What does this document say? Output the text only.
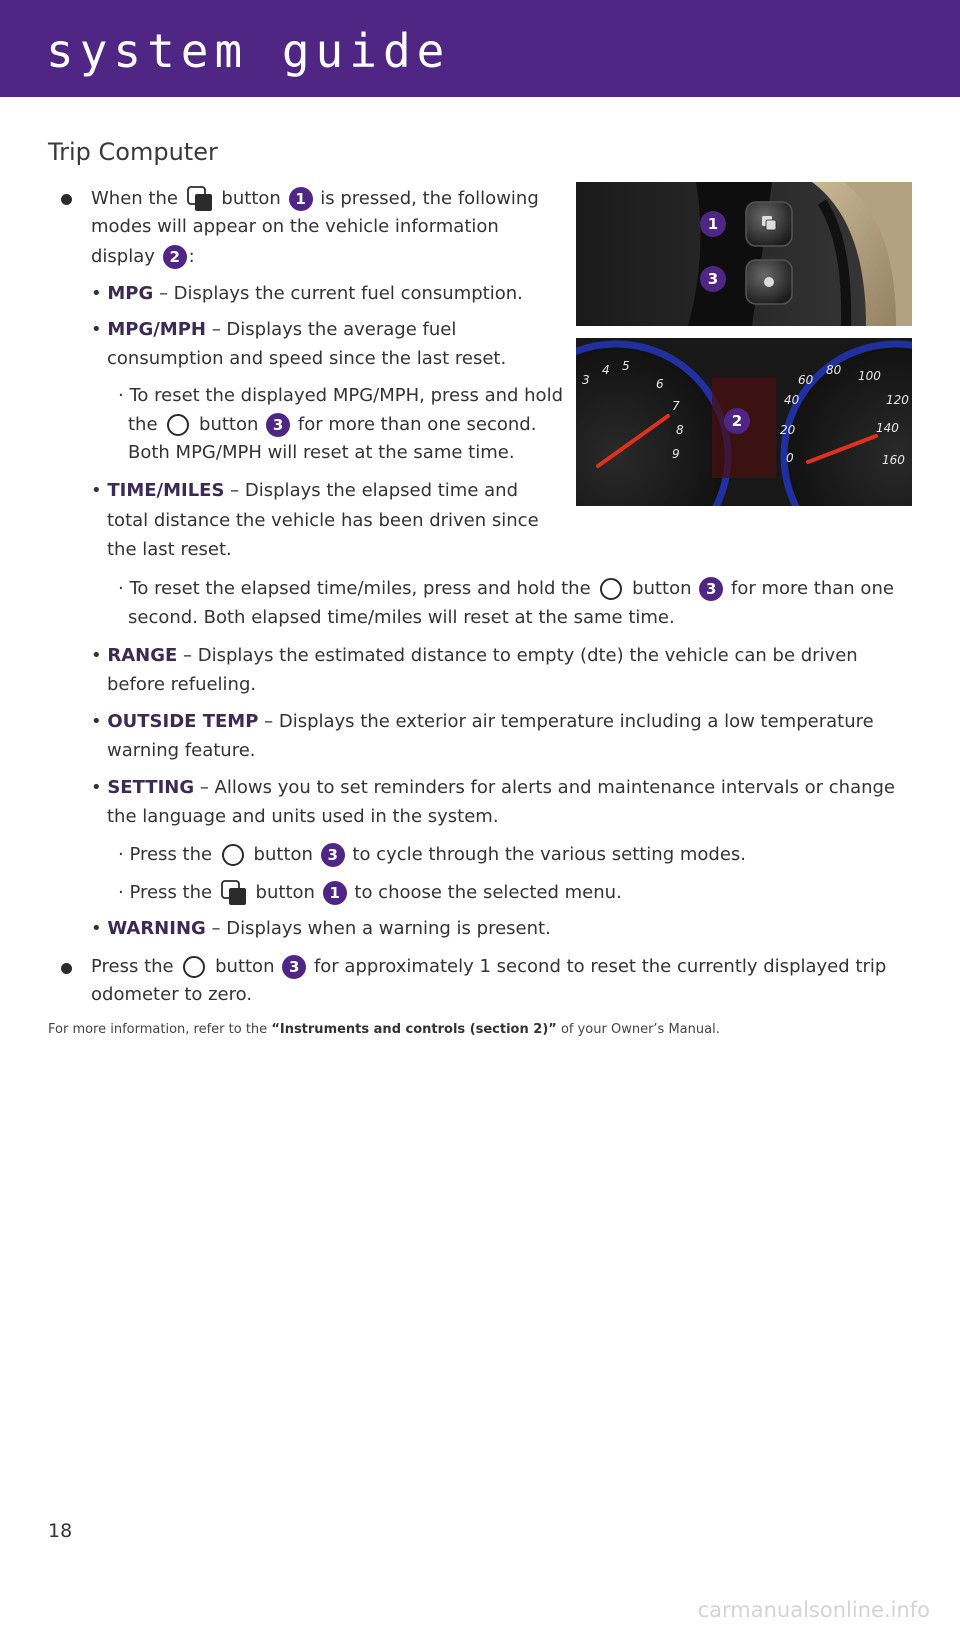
system guide
Trip Computer
When the button 1 is pressed, the following
modes will appear on the vehicle information
display 2 :
• MPG – Displays the current fuel consumption.
• MPG/MPH – Displays the average fuel
consumption and speed since the last reset.
· To reset the displayed MPG/MPH, press and hold
the button 3 for more than one second.
Both MPG/MPH will reset at the same time.
• TIME/MILES – Displays the elapsed time and
total distance the vehicle has been driven since
the last reset.
· To reset the elapsed time/miles, press and hold the button 3 for more than one
second. Both elapsed time/miles will reset at the same time.
• RANGE – Displays the estimated distance to empty (dte) the vehicle can be driven
before refueling.
• OUTSIDE TEMP – Displays the exterior air temperature including a low temperature
warning feature.
• SETTING – Allows you to set reminders for alerts and maintenance intervals or change
the language and units used in the system.
· Press the button 3 to cycle through the various setting modes.
· Press the button 1 to choose the selected menu.
• WARNING – Displays when a warning is present.
Press the button 3 for approximately 1 second to reset the currently displayed trip
odometer to zero.
For more information, refer to the “Instruments and controls (section 2)” of your Owner’s Manual.
1
3
3
4 5
6
7
8
9
60
80 100
120
140
160
40
20
0
2
18
carmanualsonline.info
